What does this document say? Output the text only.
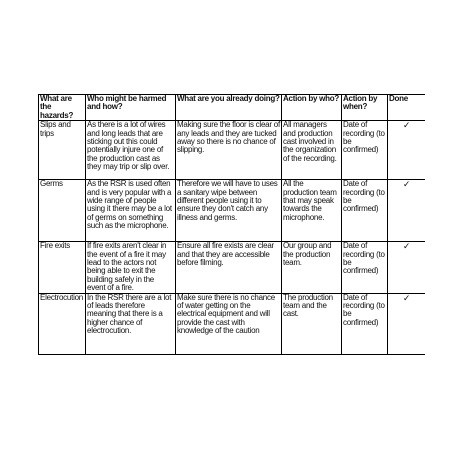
What are the hazards?	Who might be harmed and how?	What are you already doing?	Action by who?	Action by when?	Done
Slips and trips	As there is a lot of wires and long leads that are sticking out this could potentially injure one of the production cast as they may trip or slip over.	Making sure the floor is clear of any leads and they are tucked away so there is no chance of slipping.	All managers and production cast involved in the organization of the recording.	Date of recording (to be confirmed)	✓
Germs	As the RSR is used often and is very popular with a wide range of people using it there may be a lot of germs on something such as the microphone.	Therefore we will have to uses a sanitary wipe between different people using it to ensure they don't catch any illness and germs.	All the production team that may speak towards the microphone.	Date of recording (to be confirmed)	✓
Fire exits	If fire exits aren't clear in the event of a fire it may lead to the actors not being able to exit the building safely in the event of a fire.	Ensure all fire exists are clear and that they are accessible before filming.	Our group and the production team.	Date of recording (to be confirmed)	✓
Electrocution	In the RSR there are a lot of leads therefore meaning that there is a higher chance of electrocution.	Make sure there is no chance of water getting on the electrical equipment and will provide the cast with knowledge of the caution	The production team and the cast.	Date of recording (to be confirmed)	✓
